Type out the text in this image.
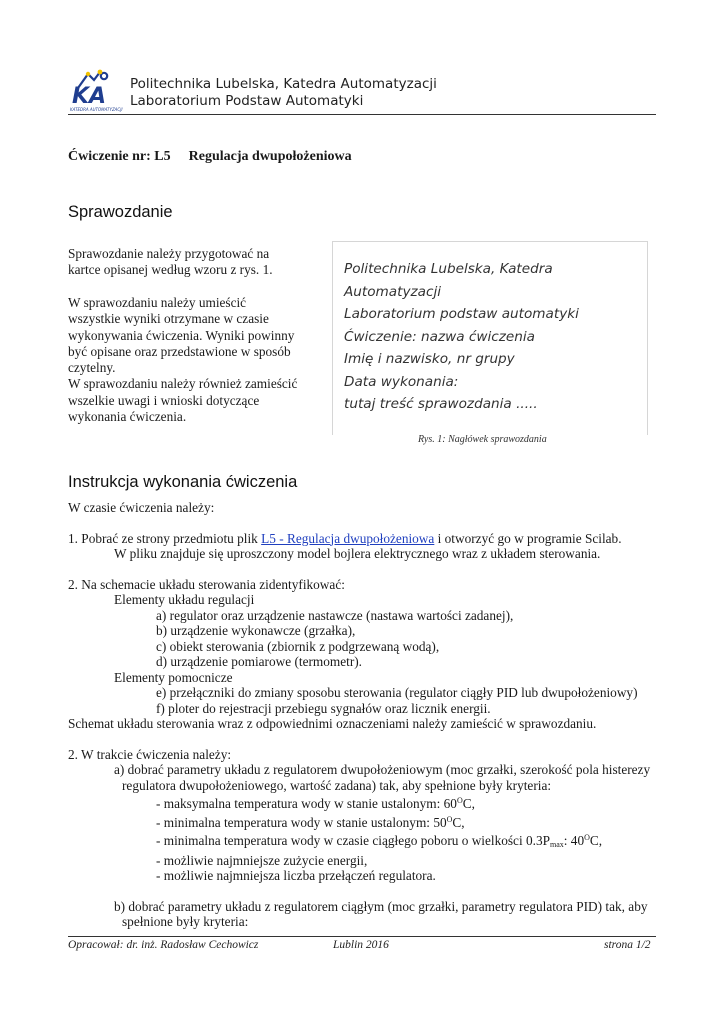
KA
KATEDRA AUTOMATYZACJI
Politechnika Lubelska, Katedra Automatyzacji
Laboratorium Podstaw Automatyki
Ćwiczenie nr: L5 Regulacja dwupołożeniowa
Sprawozdanie
Sprawozdanie należy przygotować na
kartce opisanej według wzoru z rys. 1.
W sprawozdaniu należy umieścić
wszystkie wyniki otrzymane w czasie
wykonywania ćwiczenia. Wyniki powinny
być opisane oraz przedstawione w sposób
czytelny.
W sprawozdaniu należy również zamieścić
wszelkie uwagi i wnioski dotyczące
wykonania ćwiczenia.
Politechnika Lubelska, Katedra Automatyzacji
Laboratorium podstaw automatyki
Ćwiczenie: nazwa ćwiczenia
Imię i nazwisko, nr grupy
Data wykonania:
tutaj treść sprawozdania .....
Rys. 1: Nagłówek sprawozdania
Instrukcja wykonania ćwiczenia
W czasie ćwiczenia należy:
1. Pobrać ze strony przedmiotu plik L5 - Regulacja dwupołożeniowa i otworzyć go w programie Scilab.
W pliku znajduje się uproszczony model bojlera elektrycznego wraz z układem sterowania.
2. Na schemacie układu sterowania zidentyfikować:
Elementy układu regulacji
a) regulator oraz urządzenie nastawcze (nastawa wartości zadanej),
b) urządzenie wykonawcze (grzałka),
c) obiekt sterowania (zbiornik z podgrzewaną wodą),
d) urządzenie pomiarowe (termometr).
Elementy pomocnicze
e) przełączniki do zmiany sposobu sterowania (regulator ciągły PID lub dwupołożeniowy)
f) ploter do rejestracji przebiegu sygnałów oraz licznik energii.
Schemat układu sterowania wraz z odpowiednimi oznaczeniami należy zamieścić w sprawozdaniu.
2. W trakcie ćwiczenia należy:
a) dobrać parametry układu z regulatorem dwupołożeniowym (moc grzałki, szerokość pola histerezy
regulatora dwupołożeniowego, wartość zadana) tak, aby spełnione były kryteria:
- maksymalna temperatura wody w stanie ustalonym: $60^OC$,
- minimalna temperatura wody w stanie ustalonym: $50^OC$,
- minimalna temperatura wody w czasie ciągłego poboru o wielkości $0.3P_{max}$: $40^OC$,
- możliwie najmniejsze zużycie energii,
- możliwie najmniejsza liczba przełączeń regulatora.
b) dobrać parametry układu z regulatorem ciągłym (moc grzałki, parametry regulatora PID) tak, aby
spełnione były kryteria:
Opracował: dr. inż. Radosław Cechowicz	Lublin 2016	strona 1/2
